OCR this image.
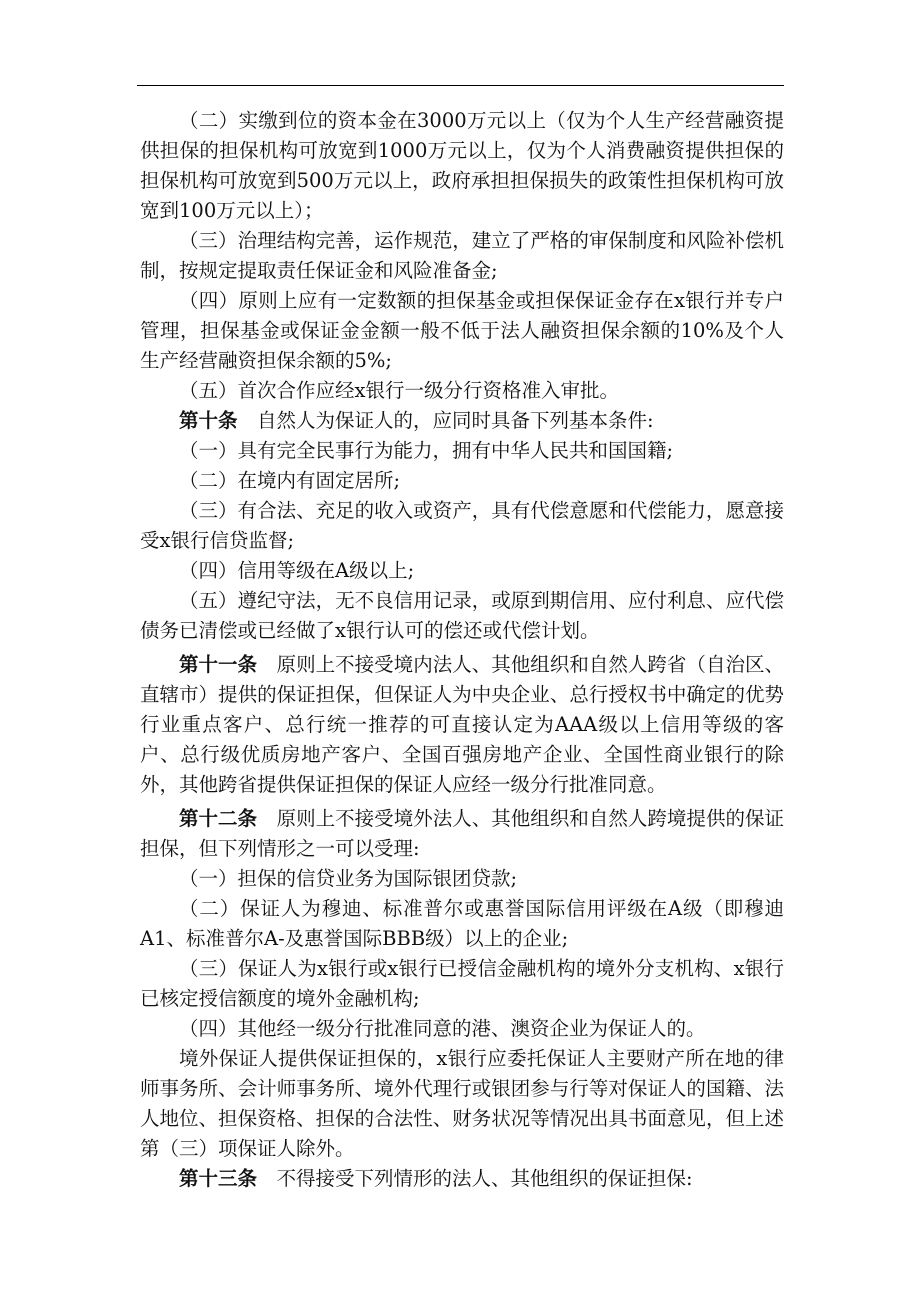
（二）实缴到位的资本金在3000万元以上（仅为个人生产经营融资提供担保的担保机构可放宽到1000万元以上，仅为个人消费融资提供担保的担保机构可放宽到500万元以上，政府承担担保损失的政策性担保机构可放宽到100万元以上）；

（三）治理结构完善，运作规范，建立了严格的审保制度和风险补偿机制，按规定提取责任保证金和风险准备金;

（四）原则上应有一定数额的担保基金或担保保证金存在x银行并专户管理，担保基金或保证金金额一般不低于法人融资担保余额的10%及个人生产经营融资担保余额的5%;

（五）首次合作应经x银行一级分行资格准入审批。

第十条 自然人为保证人的，应同时具备下列基本条件:

（一）具有完全民事行为能力，拥有中华人民共和国国籍;

（二）在境内有固定居所;

（三）有合法、充足的收入或资产，具有代偿意愿和代偿能力，愿意接受x银行信贷监督;

（四）信用等级在A级以上;

（五）遵纪守法，无不良信用记录，或原到期信用、应付利息、应代偿债务已清偿或已经做了x银行认可的偿还或代偿计划。

第十一条 原则上不接受境内法人、其他组织和自然人跨省（自治区、直辖市）提供的保证担保，但保证人为中央企业、总行授权书中确定的优势行业重点客户、总行统一推荐的可直接认定为AAA级以上信用等级的客户、总行级优质房地产客户、全国百强房地产企业、全国性商业银行的除外，其他跨省提供保证担保的保证人应经一级分行批准同意。

第十二条 原则上不接受境外法人、其他组织和自然人跨境提供的保证担保，但下列情形之一可以受理:

（一）担保的信贷业务为国际银团贷款;

（二）保证人为穆迪、标准普尔或惠誉国际信用评级在A级（即穆迪A1、标准普尔A-及惠誉国际BBB级）以上的企业;

（三）保证人为x银行或x银行已授信金融机构的境外分支机构、x银行已核定授信额度的境外金融机构;

（四）其他经一级分行批准同意的港、澳资企业为保证人的。

境外保证人提供保证担保的，x银行应委托保证人主要财产所在地的律师事务所、会计师事务所、境外代理行或银团参与行等对保证人的国籍、法人地位、担保资格、担保的合法性、财务状况等情况出具书面意见，但上述第（三）项保证人除外。

第十三条 不得接受下列情形的法人、其他组织的保证担保:
